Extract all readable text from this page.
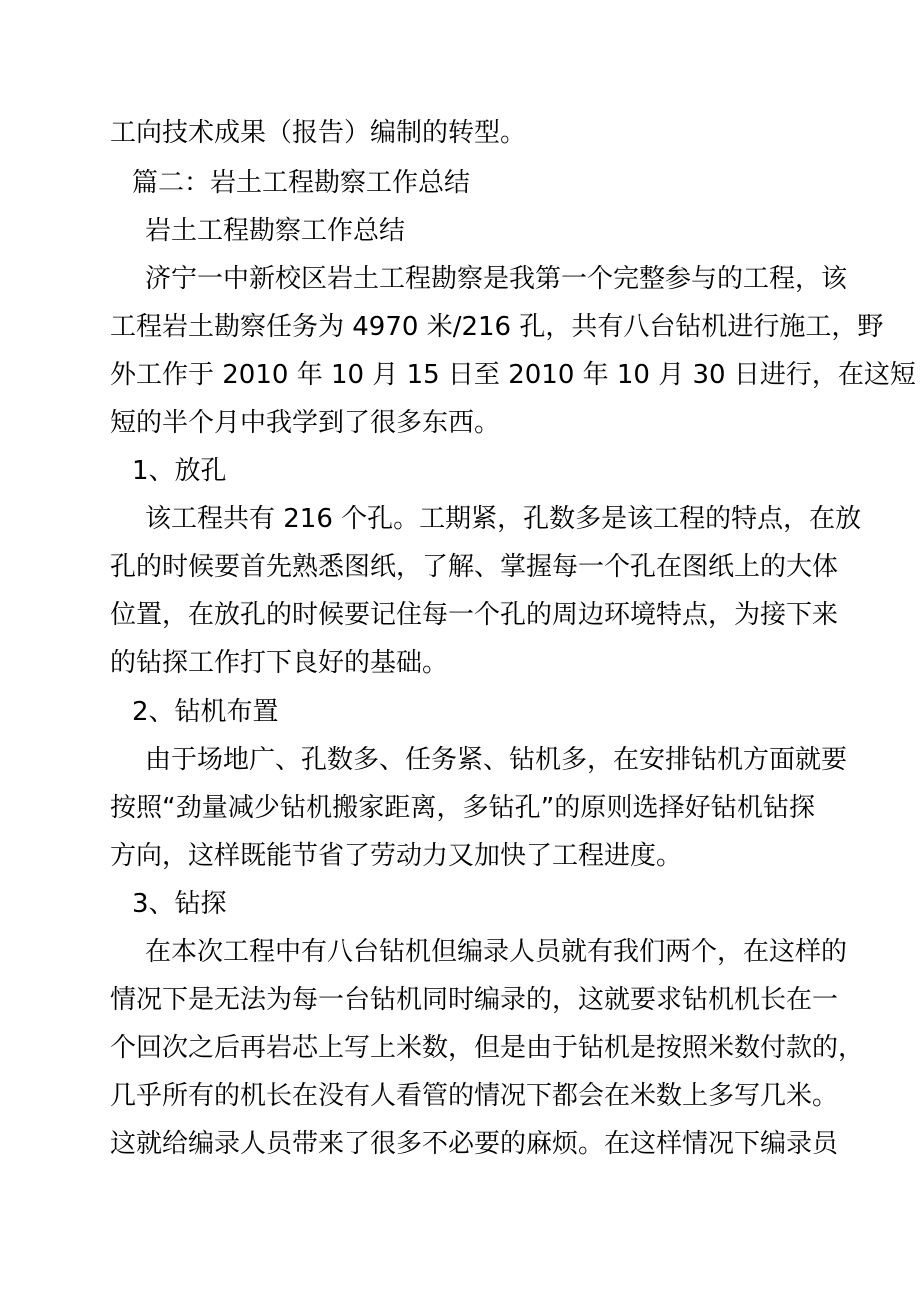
工向技术成果（报告）编制的转型。
篇二：岩土工程勘察工作总结
岩土工程勘察工作总结
济宁一中新校区岩土工程勘察是我第一个完整参与的工程，该
工程岩土勘察任务为 4970 米/216 孔，共有八台钻机进行施工，野
外工作于 2010 年 10 月 15 日至 2010 年 10 月 30 日进行，在这短
短的半个月中我学到了很多东西。
1、放孔
该工程共有 216 个孔。工期紧，孔数多是该工程的特点，在放
孔的时候要首先熟悉图纸，了解、掌握每一个孔在图纸上的大体
位置，在放孔的时候要记住每一个孔的周边环境特点，为接下来
的钻探工作打下良好的基础。
2、钻机布置
由于场地广、孔数多、任务紧、钻机多，在安排钻机方面就要
按照“劲量减少钻机搬家距离，多钻孔”的原则选择好钻机钻探
方向，这样既能节省了劳动力又加快了工程进度。
3、钻探
在本次工程中有八台钻机但编录人员就有我们两个，在这样的
情况下是无法为每一台钻机同时编录的，这就要求钻机机长在一
个回次之后再岩芯上写上米数，但是由于钻机是按照米数付款的，
几乎所有的机长在没有人看管的情况下都会在米数上多写几米。
这就给编录人员带来了很多不必要的麻烦。在这样情况下编录员
